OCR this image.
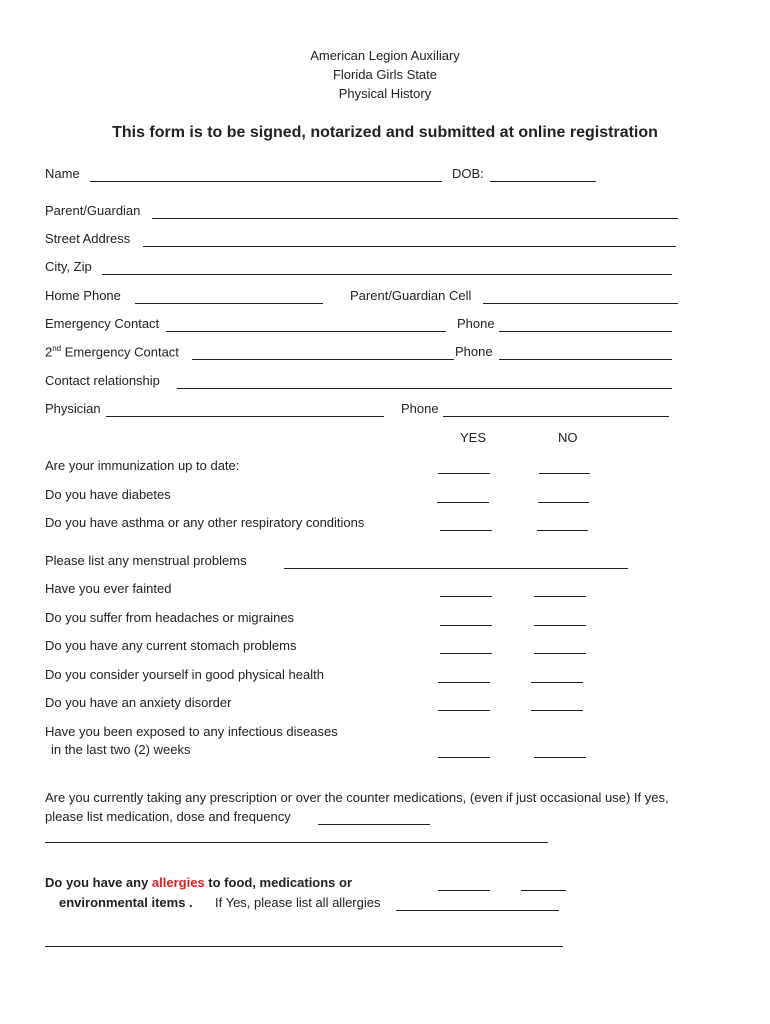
American Legion Auxiliary
Florida Girls State
Physical History
This form is to be signed, notarized and submitted at online registration
Name	DOB:
Parent/Guardian
Street Address
City, Zip
Home Phone	Parent/Guardian Cell
Emergency Contact	Phone
2nd Emergency Contact	Phone
Contact relationship
Physician	Phone
YES	NO
Are your immunization up to date:
Do you have diabetes
Do you have asthma or any other respiratory conditions
Please list any menstrual problems
Have you ever fainted
Do you suffer from headaches or migraines
Do you have any current stomach problems
Do you consider yourself in good physical health
Do you have an anxiety disorder
Have you been exposed to any infectious diseases
in the last two (2) weeks
Are you currently taking any prescription or over the counter medications, (even if just occasional use) If yes,
please list medication, dose and frequency
Do you have any allergies to food, medications or
environmental items . If Yes, please list all allergies
